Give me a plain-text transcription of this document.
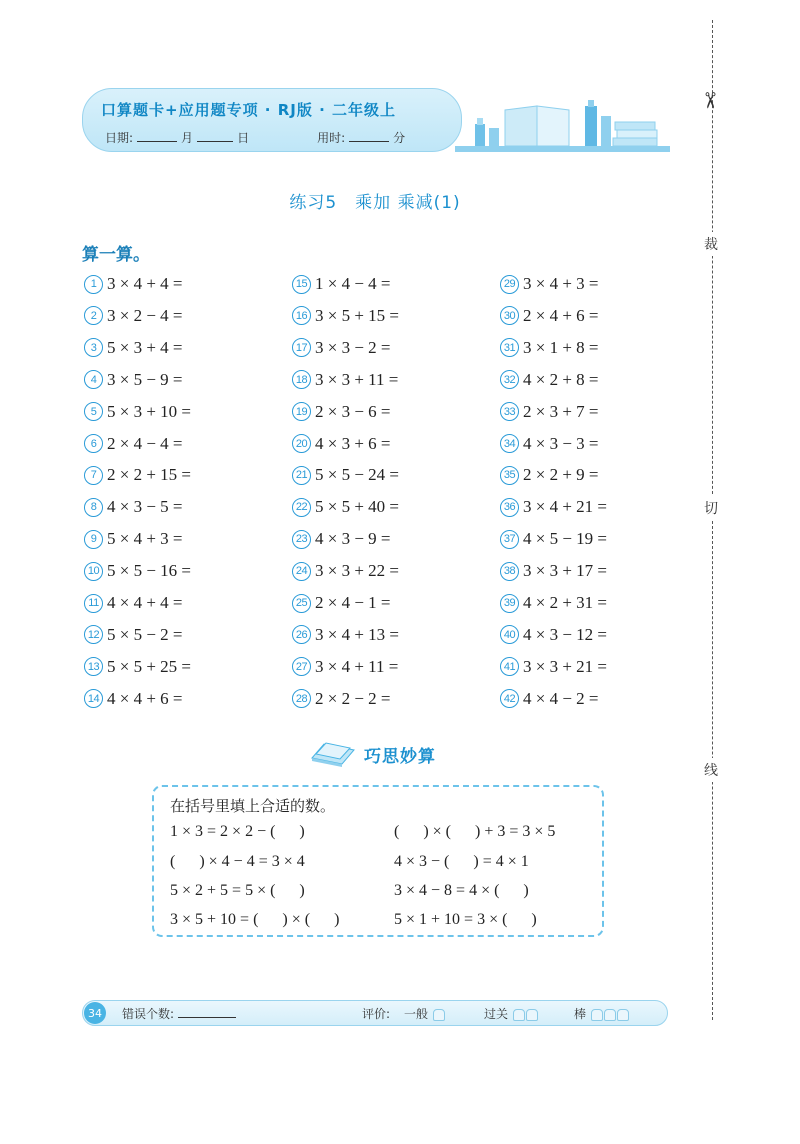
口算题卡+应用题专项 · RJ版 · 二年级上
日期:	月	日	用时:	分
✂
裁
切
线
练习5　乘加 乘减(1)
算一算。
1 3 × 4 + 4 =
2 3 × 2 − 4 =
3 5 × 3 + 4 =
4 3 × 5 − 9 =
5 5 × 3 + 10 =
6 2 × 4 − 4 =
7 2 × 2 + 15 =
8 4 × 3 − 5 =
9 5 × 4 + 3 =
10 5 × 5 − 16 =
11 4 × 4 + 4 =
12 5 × 5 − 2 =
13 5 × 5 + 25 =
14 4 × 4 + 6 =
15 1 × 4 − 4 =
16 3 × 5 + 15 =
17 3 × 3 − 2 =
18 3 × 3 + 11 =
19 2 × 3 − 6 =
20 4 × 3 + 6 =
21 5 × 5 − 24 =
22 5 × 5 + 40 =
23 4 × 3 − 9 =
24 3 × 3 + 22 =
25 2 × 4 − 1 =
26 3 × 4 + 13 =
27 3 × 4 + 11 =
28 2 × 2 − 2 =
29 3 × 4 + 3 =
30 2 × 4 + 6 =
31 3 × 1 + 8 =
32 4 × 2 + 8 =
33 2 × 3 + 7 =
34 4 × 3 − 3 =
35 2 × 2 + 9 =
36 3 × 4 + 21 =
37 4 × 5 − 19 =
38 3 × 3 + 17 =
39 4 × 2 + 31 =
40 4 × 3 − 12 =
41 3 × 3 + 21 =
42 4 × 4 − 2 =
巧思妙算
在括号里填上合适的数。
1 × 3 = 2 × 2 − (      )	(      ) × (      ) + 3 = 3 × 5
(      ) × 4 − 4 = 3 × 4	4 × 3 − (      ) = 4 × 1
5 × 2 + 5 = 5 × (      )	3 × 4 − 8 = 4 × (      )
3 × 5 + 10 = (      ) × (      )	5 × 1 + 10 = 3 × (      )
34	错误个数:	评价: 一般	过关	棒
